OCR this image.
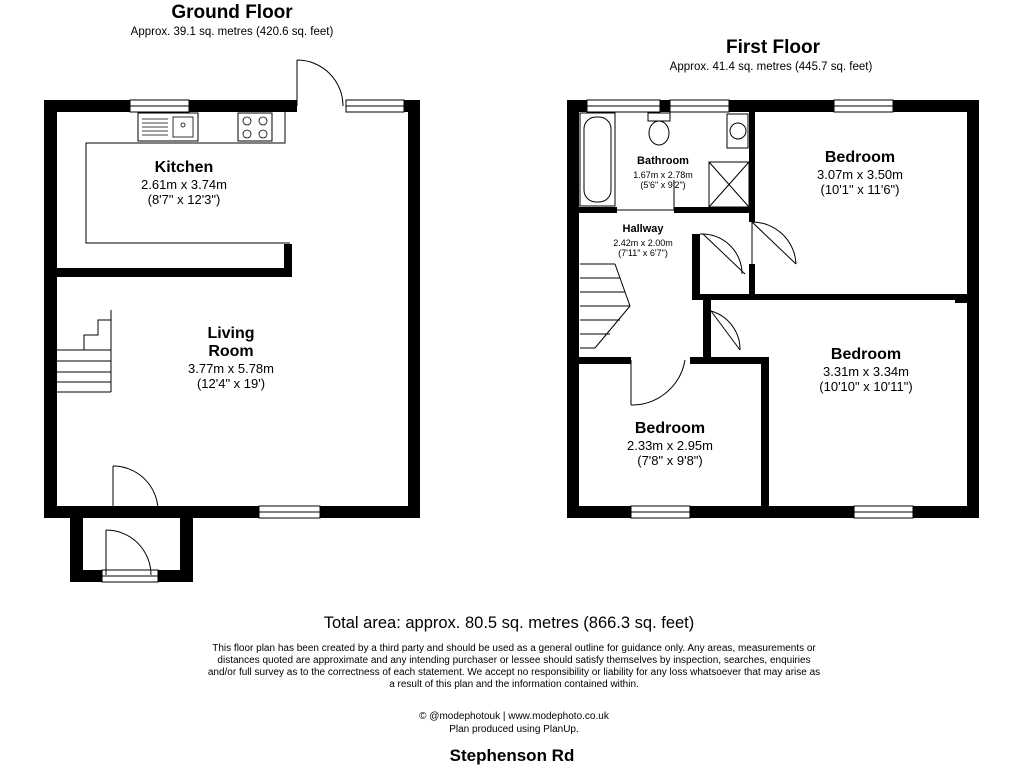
Ground Floor
Approx. 39.1 sq. metres (420.6 sq. feet)
Kitchen
2.61m x 3.74m
(8'7" x 12'3")
Living
Room
3.77m x 5.78m
(12'4" x 19')
First Floor
Approx. 41.4 sq. metres (445.7 sq. feet)
Bathroom
1.67m x 2.78m
(5'6" x 9'2")
Hallway
2.42m x 2.00m
(7'11" x 6'7")
Bedroom
3.07m x 3.50m
(10'1" x 11'6")
Bedroom
3.31m x 3.34m
(10'10" x 10'11")
Bedroom
2.33m x 2.95m
(7'8" x 9'8")
Total area: approx. 80.5 sq. metres (866.3 sq. feet)
This floor plan has been created by a third party and should be used as a general outline for guidance only. Any areas, measurements or
distances quoted are approximate and any intending purchaser or lessee should satisfy themselves by inspection, searches, enquiries
and/or full survey as to the correctness of each statement. We accept no responsibility or liability for any loss whatsoever that may arise as
a result of this plan and the information contained within.
© @modephotouk | www.modephoto.co.uk
Plan produced using PlanUp.
Stephenson Rd
